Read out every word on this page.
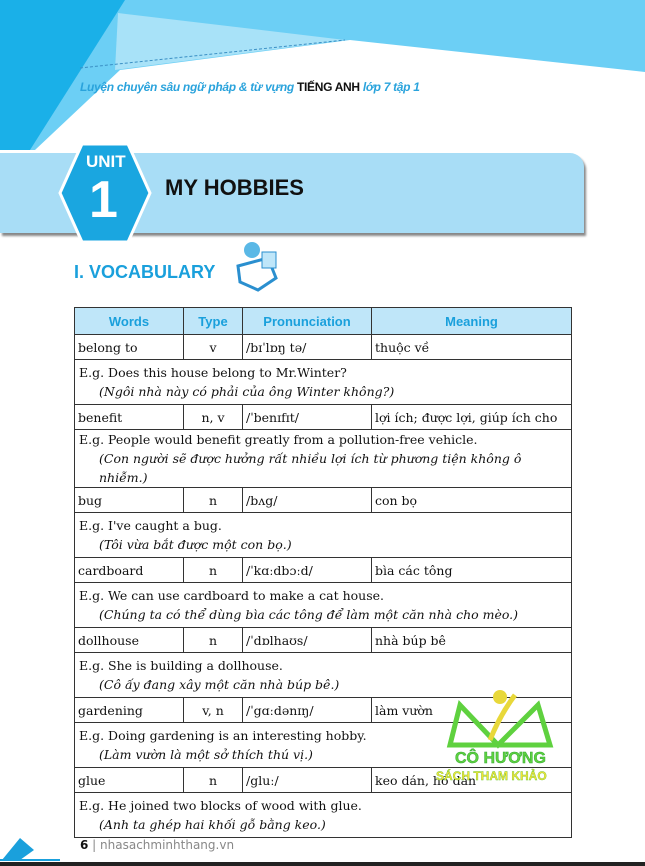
Luyện chuyên sâu ngữ pháp & từ vựng TIẾNG ANH lớp 7 tập 1
UNIT
1 MY HOBBIES
I. VOCABULARY
Words	Type	Pronunciation	Meaning
belong to	v	/bɪˈlɒŋ tə/	thuộc về
E.g. Does this house belong to Mr.Winter?
(Ngôi nhà này có phải của ông Winter không?)			

benefit	n, v	/ˈbenɪfɪt/	lợi ích; được lợi, giúp ích cho
E.g. People would benefit greatly from a pollution-free vehicle.
(Con người sẽ được hưởng rất nhiều lợi ích từ phương tiện không ô nhiễm.)			

bug	n	/bʌg/	con bọ
E.g. I've caught a bug.
(Tôi vừa bắt được một con bọ.)			

cardboard	n	/ˈkɑːdbɔːd/	bìa các tông
E.g. We can use cardboard to make a cat house.
(Chúng ta có thể dùng bìa các tông để làm một căn nhà cho mèo.)			

dollhouse	n	/ˈdɒlhaʊs/	nhà búp bê
E.g. She is building a dollhouse.
(Cô ấy đang xây một căn nhà búp bê.)			

gardening	v, n	/ˈgɑːdənɪŋ/	làm vườn
E.g. Doing gardening is an interesting hobby.
(Làm vườn là một sở thích thú vị.)			

glue	n	/gluː/	keo dán, hồ dán
E.g. He joined two blocks of wood with glue.
(Anh ta ghép hai khối gỗ bằng keo.)			
CÔ HƯƠNG
SÁCH THAM KHẢO
6 | nhasachminhthang.vn
